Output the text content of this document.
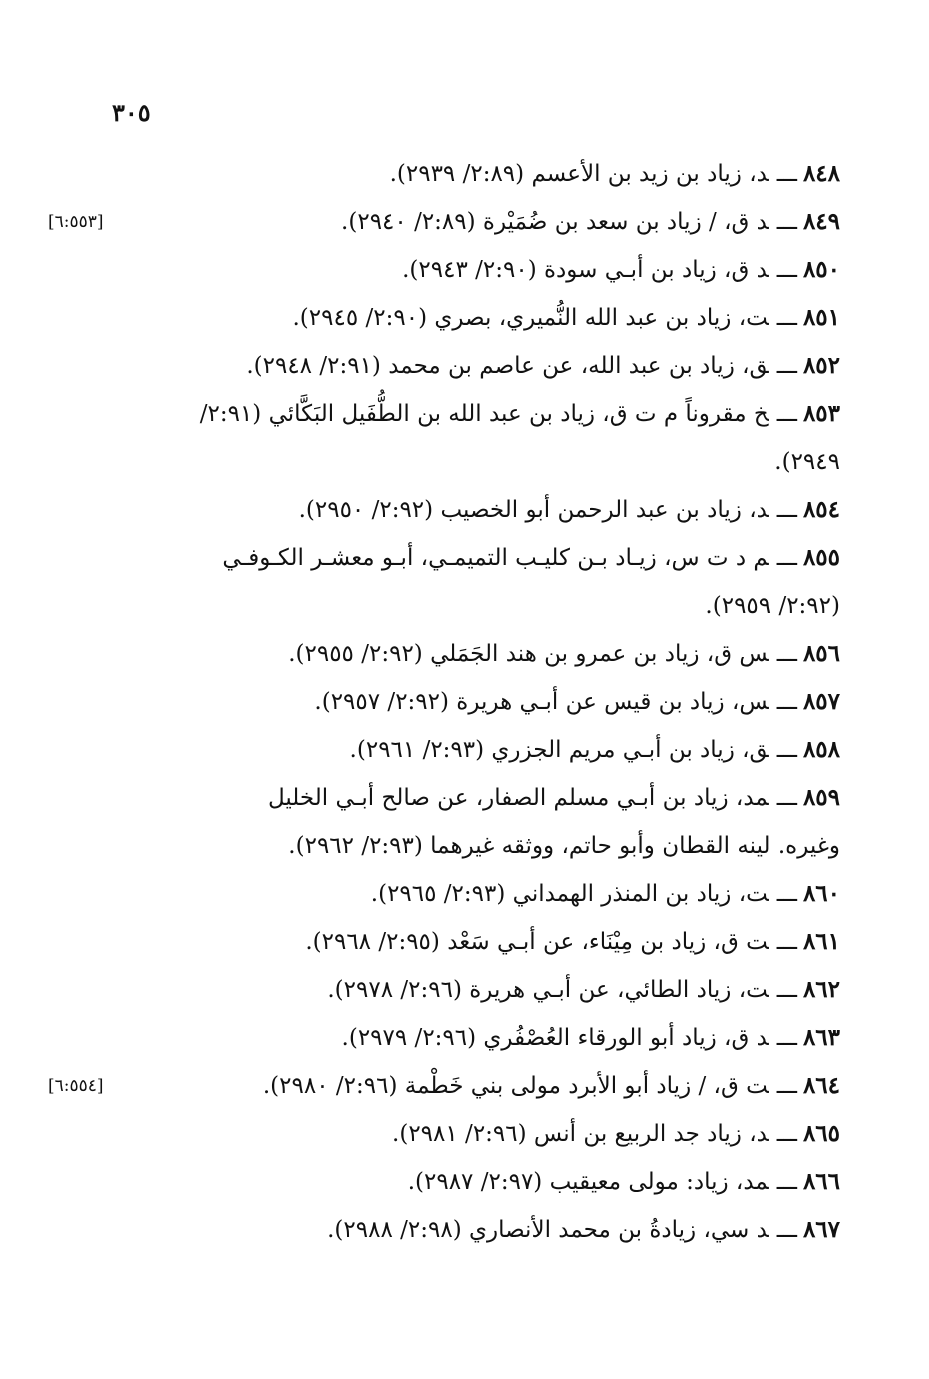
٣٠٥
٨٤٨ـــد، زياد بن زيد بن الأعسم (٢:٨٩/ ٢٩٣٩).
٨٤٩ـــد ق، / زياد بن سعد بن ضُمَيْرة (٢:٨٩/ ٢٩٤٠).
[٦:٥٥٣]
٨٥٠ـــد ق، زياد بن أبـي سودة (٢:٩٠/ ٢٩٤٣).
٨٥١ـــت، زياد بن عبد الله النُّميري، بصري (٢:٩٠/ ٢٩٤٥).
٨٥٢ـــق، زياد بن عبد الله، عن عاصم بن محمد (٢:٩١/ ٢٩٤٨).
٨٥٣ـــخ مقروناً م ت ق، زياد بن عبد الله بن الطُّفَيل البَكَّائي (٢:٩١/
٢٩٤٩).
٨٥٤ـــد، زياد بن عبد الرحمن أبو الخصيب (٢:٩٢/ ٢٩٥٠).
٨٥٥ـــم د ت س، زيـاد بـن كليـب التميمـي، أبـو معشـر الكـوفـي
(٢:٩٢/ ٢٩٥٩).
٨٥٦ـــس ق، زياد بن عمرو بن هند الجَمَلي (٢:٩٢/ ٢٩٥٥).
٨٥٧ـــس، زياد بن قيس عن أبـي هريرة (٢:٩٢/ ٢٩٥٧).
٨٥٨ـــق، زياد بن أبـي مريم الجزري (٢:٩٣/ ٢٩٦١).
٨٥٩ـــمد، زياد بن أبـي مسلم الصفار، عن صالح أبـي الخليل
وغيره. لينه القطان وأبو حاتم، ووثقه غيرهما (٢:٩٣/ ٢٩٦٢).
٨٦٠ـــت، زياد بن المنذر الهمداني (٢:٩٣/ ٢٩٦٥).
٨٦١ـــت ق، زياد بن مِيْنَاء، عن أبـي سَعْد (٢:٩٥/ ٢٩٦٨).
٨٦٢ـــت، زياد الطائي، عن أبـي هريرة (٢:٩٦/ ٢٩٧٨).
٨٦٣ـــد ق، زياد أبو الورقاء العُصْفُري (٢:٩٦/ ٢٩٧٩).
٨٦٤ـــت ق، / زياد أبو الأبرد مولى بني خَطْمة (٢:٩٦/ ٢٩٨٠).
[٦:٥٥٤]
٨٦٥ـــد، زياد جد الربيع بن أنس (٢:٩٦/ ٢٩٨١).
٨٦٦ـــمد، زياد: مولى معيقيب (٢:٩٧/ ٢٩٨٧).
٨٦٧ـــد سي، زيادةُ بن محمد الأنصاري (٢:٩٨/ ٢٩٨٨).
